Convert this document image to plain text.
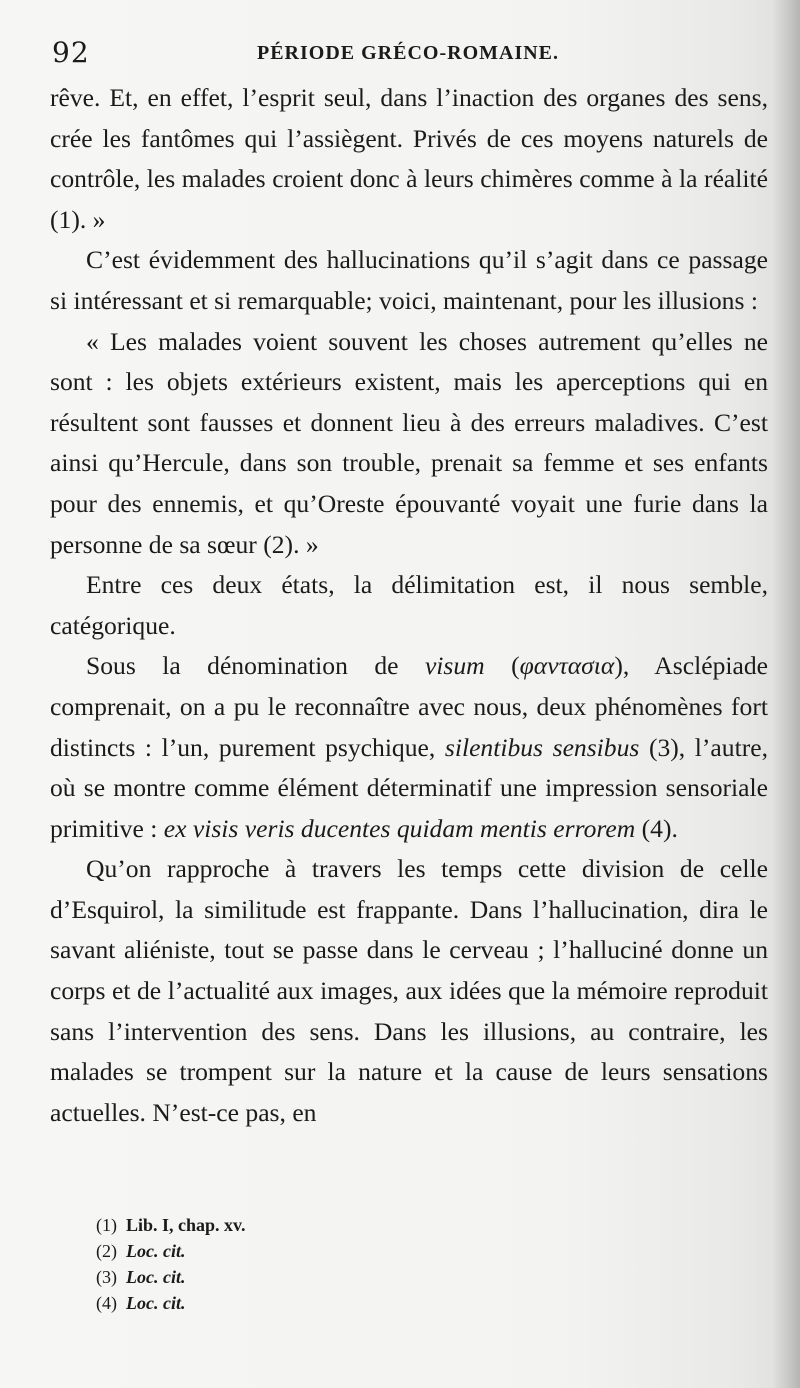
92	PÉRIODE GRÉCO-ROMAINE.

rêve. Et, en effet, l’esprit seul, dans l’inaction des organes des sens, crée les fantômes qui l’assiègent. Privés de ces moyens naturels de contrôle, les malades croient donc à leurs chimères comme à la réalité (1). »

C’est évidemment des hallucinations qu’il s’agit dans ce passage si intéressant et si remarquable; voici, maintenant, pour les illusions :

« Les malades voient souvent les choses autrement qu’elles ne sont : les objets extérieurs existent, mais les aperceptions qui en résultent sont fausses et donnent lieu à des erreurs maladives. C’est ainsi qu’Hercule, dans son trouble, prenait sa femme et ses enfants pour des ennemis, et qu’Oreste épouvanté voyait une furie dans la personne de sa sœur (2). »

Entre ces deux états, la délimitation est, il nous semble, catégorique.

Sous la dénomination de visum (φαντασια), Asclépiade comprenait, on a pu le reconnaître avec nous, deux phénomènes fort distincts : l’un, purement psychique, silentibus sensibus (3), l’autre, où se montre comme élément déterminatif une impression sensoriale primitive : ex visis veris ducentes quidam mentis errorem (4).

Qu’on rapproche à travers les temps cette division de celle d’Esquirol, la similitude est frappante. Dans l’hallucination, dira le savant aliéniste, tout se passe dans le cerveau ; l’halluciné donne un corps et de l’actualité aux images, aux idées que la mémoire reproduit sans l’intervention des sens. Dans les illusions, au contraire, les malades se trompent sur la nature et la cause de leurs sensations actuelles. N’est-ce pas, en

(1) Lib. I, chap. xv.
(2) Loc. cit.
(3) Loc. cit.
(4) Loc. cit.
